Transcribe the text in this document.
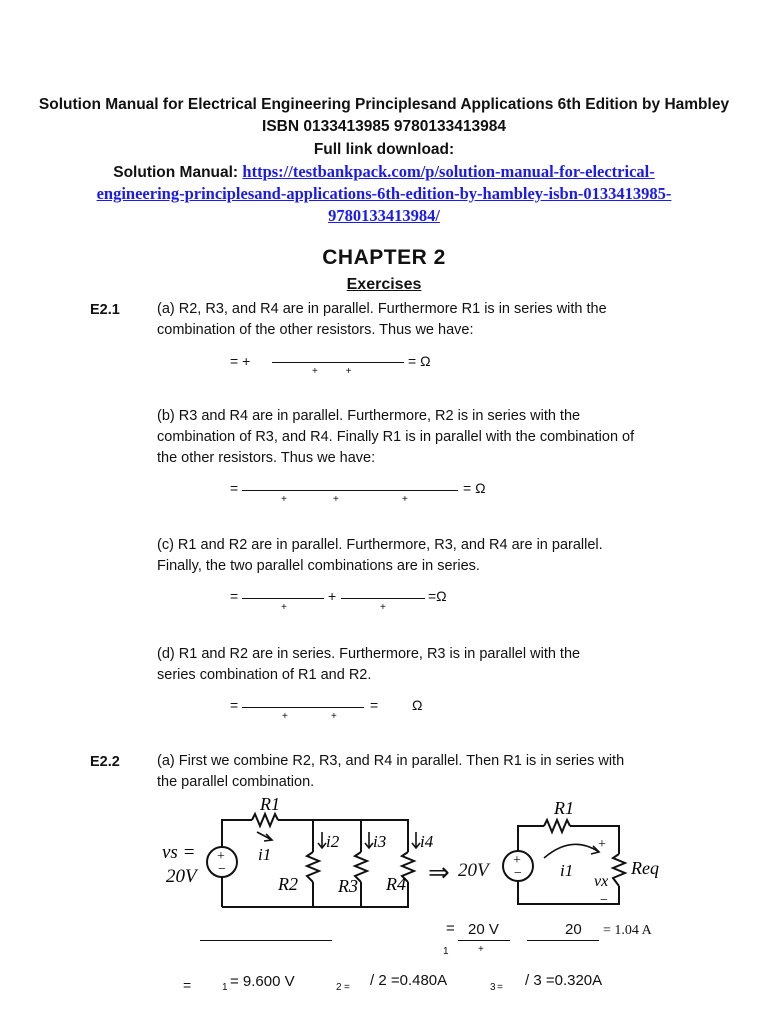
Solution Manual for Electrical Engineering Principlesand Applications 6th Edition by Hambley
ISBN 0133413985 9780133413984
Full link download:
Solution Manual: https://testbankpack.com/p/solution-manual-for-electrical-
engineering-principlesand-applications-6th-edition-by-hambley-isbn-0133413985-
9780133413984/
CHAPTER 2
Exercises
E2.1	(a) R2, R3, and R4 are in parallel. Furthermore R1 is in series with the
combination of the other resistors. Thus we have:
= +	= Ω
+          +
(b) R3 and R4 are in parallel. Furthermore, R2 is in series with the
combination of R3, and R4. Finally R1 is in parallel with the combination of
the other resistors. Thus we have:
=	= Ω
+	+	+
(c) R1 and R2 are in parallel. Furthermore, R3, and R4 are in parallel.
Finally, the two parallel combinations are in series.
=	+	=Ω
+	+
(d) R1 and R2 are in series. Furthermore, R3 is in parallel with the
series combination of R1 and R2.
=	= Ω
+	+
E2.2	(a) First we combine R2, R3, and R4 in parallel. Then R1 is in series with
the parallel combination.
+
−
vs =
20V
R1
R2 R3 R4
i1
i2 i3 i4
⇒ 20V +
−
R1
Req
i1
+
vx
−
= 20 V
1	+
20 = 1.04 A
=	1 = 9.600 V	2 = / 2 =0.480A	3 = / 3 =0.320A
